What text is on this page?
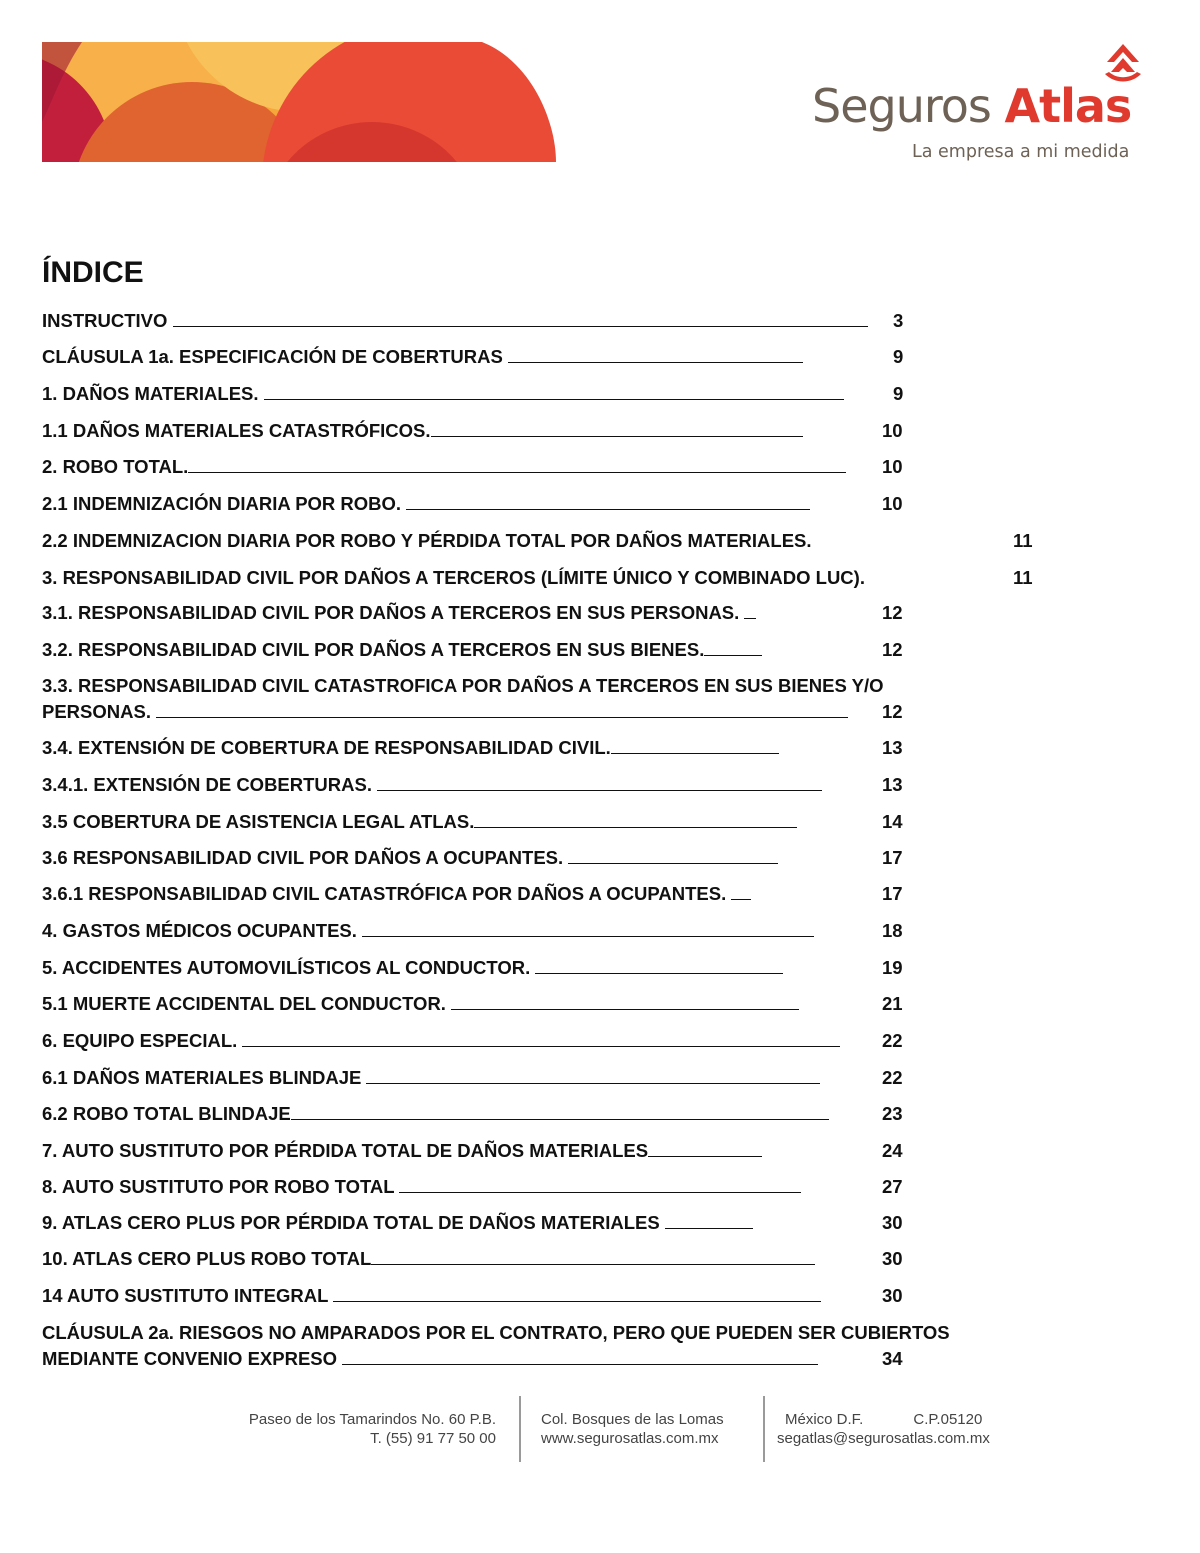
Seguros Atlas
La empresa a mi medida
ÍNDICE
INSTRUCTIVO	3
CLÁUSULA 1a. ESPECIFICACIÓN DE COBERTURAS	9
1. DAÑOS MATERIALES.	9
1.1 DAÑOS MATERIALES CATASTRÓFICOS.	10
2. ROBO TOTAL.	10
2.1 INDEMNIZACIÓN DIARIA POR ROBO.	10
2.2 INDEMNIZACION DIARIA POR ROBO Y PÉRDIDA TOTAL POR DAÑOS MATERIALES.	11
3. RESPONSABILIDAD CIVIL POR DAÑOS A TERCEROS (LÍMITE ÚNICO Y COMBINADO LUC).	11
3.1. RESPONSABILIDAD CIVIL POR DAÑOS A TERCEROS EN SUS PERSONAS.	12
3.2. RESPONSABILIDAD CIVIL POR DAÑOS A TERCEROS EN SUS BIENES.	12
3.3. RESPONSABILIDAD CIVIL CATASTROFICA POR DAÑOS A TERCEROS EN SUS BIENES Y/O
PERSONAS.	12
3.4. EXTENSIÓN DE COBERTURA DE RESPONSABILIDAD CIVIL.	13
3.4.1. EXTENSIÓN DE COBERTURAS.	13
3.5 COBERTURA DE ASISTENCIA LEGAL ATLAS.	14
3.6 RESPONSABILIDAD CIVIL POR DAÑOS A OCUPANTES.	17
3.6.1 RESPONSABILIDAD CIVIL CATASTRÓFICA POR DAÑOS A OCUPANTES.	17
4. GASTOS MÉDICOS OCUPANTES.	18
5. ACCIDENTES AUTOMOVILÍSTICOS AL CONDUCTOR.	19
5.1 MUERTE ACCIDENTAL DEL CONDUCTOR.	21
6. EQUIPO ESPECIAL.	22
6.1 DAÑOS MATERIALES BLINDAJE	22
6.2 ROBO TOTAL BLINDAJE	23
7. AUTO SUSTITUTO POR PÉRDIDA TOTAL DE DAÑOS MATERIALES	24
8. AUTO SUSTITUTO POR ROBO TOTAL	27
9. ATLAS CERO PLUS POR PÉRDIDA TOTAL DE DAÑOS MATERIALES	30
10. ATLAS CERO PLUS ROBO TOTAL	30
14 AUTO SUSTITUTO INTEGRAL	30
CLÁUSULA 2a. RIESGOS NO AMPARADOS POR EL CONTRATO, PERO QUE PUEDEN SER CUBIERTOS
MEDIANTE CONVENIO EXPRESO	34
Paseo de los Tamarindos No. 60 P.B.
T. (55) 91 77 50 00
Col. Bosques de las Lomas
www.segurosatlas.com.mx
México D.F.	C.P.05120
segatlas@segurosatlas.com.mx
